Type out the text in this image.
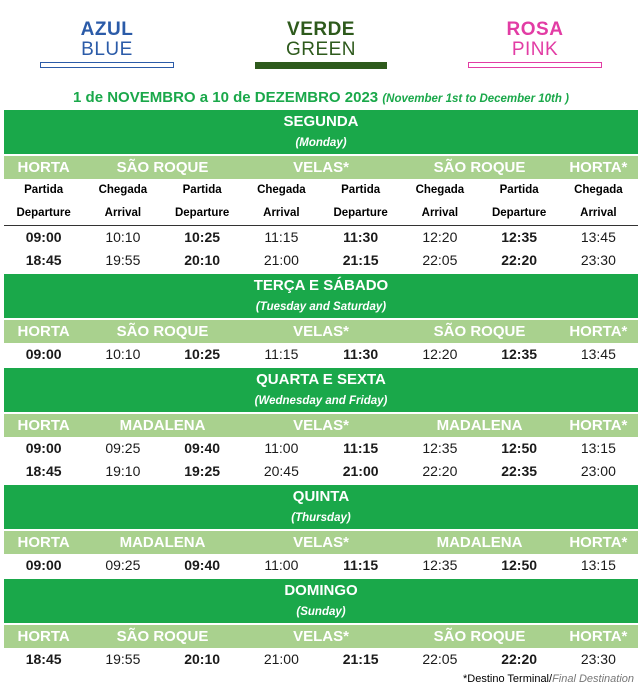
AZUL
BLUE
VERDE
GREEN
ROSA
PINK
1 de NOVEMBRO a 10 de DEZEMBRO 2023 (November 1st to December 10th )
SEGUNDA
(Monday)
HORTA	SÃO ROQUE	VELAS*	SÃO ROQUE	HORTA*
Partida	Chegada	Partida	Chegada	Partida	Chegada	Partida	Chegada
Departure	Arrival	Departure	Arrival	Departure	Arrival	Departure	Arrival
09:00	10:10	10:25	11:15	11:30	12:20	12:35	13:45
18:45	19:55	20:10	21:00	21:15	22:05	22:20	23:30
TERÇA E SÁBADO
(Tuesday and Saturday)
HORTA	SÃO ROQUE	VELAS*	SÃO ROQUE	HORTA*
09:00	10:10	10:25	11:15	11:30	12:20	12:35	13:45
QUARTA E SEXTA
(Wednesday and Friday)
HORTA	MADALENA	VELAS*	MADALENA	HORTA*
09:00	09:25	09:40	11:00	11:15	12:35	12:50	13:15
18:45	19:10	19:25	20:45	21:00	22:20	22:35	23:00
QUINTA
(Thursday)
HORTA	MADALENA	VELAS*	MADALENA	HORTA*
09:00	09:25	09:40	11:00	11:15	12:35	12:50	13:15
DOMINGO
(Sunday)
HORTA	SÃO ROQUE	VELAS*	SÃO ROQUE	HORTA*
18:45	19:55	20:10	21:00	21:15	22:05	22:20	23:30
*Destino Terminal/Final Destination
